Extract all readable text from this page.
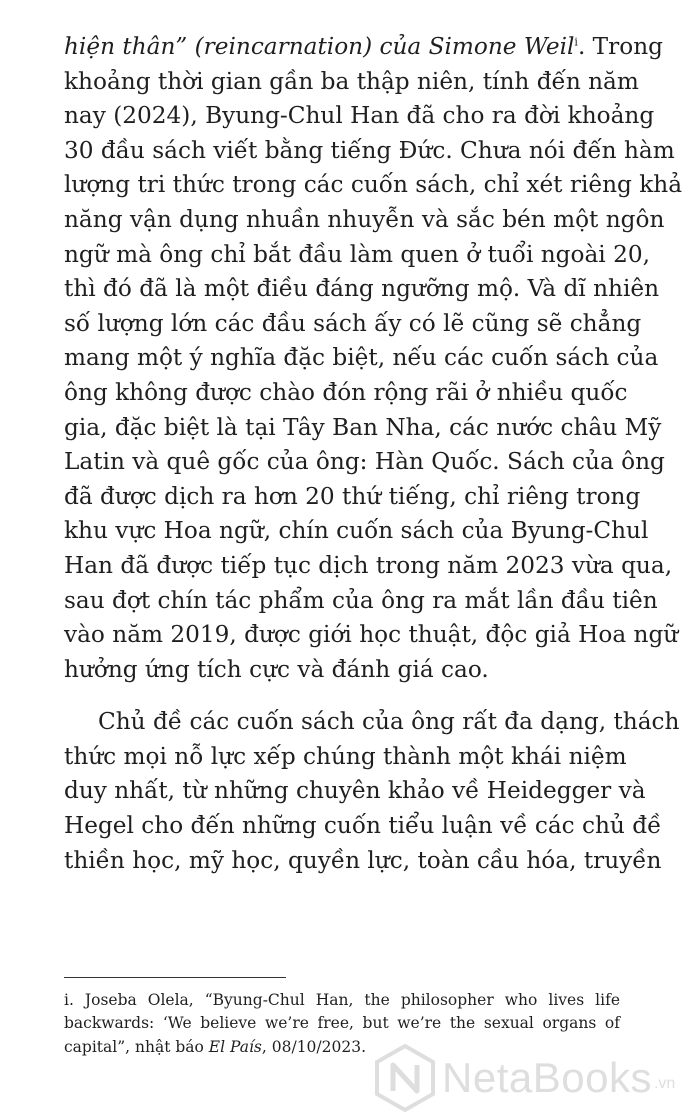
hiện thân” (reincarnation) của Simone Weil$^i$. Trong
khoảng thời gian gần ba thập niên, tính đến năm
nay (2024), Byung-Chul Han đã cho ra đời khoảng
30 đầu sách viết bằng tiếng Đức. Chưa nói đến hàm
lượng tri thức trong các cuốn sách, chỉ xét riêng khả
năng vận dụng nhuần nhuyễn và sắc bén một ngôn
ngữ mà ông chỉ bắt đầu làm quen ở tuổi ngoài 20,
thì đó đã là một điều đáng ngưỡng mộ. Và dĩ nhiên
số lượng lớn các đầu sách ấy có lẽ cũng sẽ chẳng
mang một ý nghĩa đặc biệt, nếu các cuốn sách của
ông không được chào đón rộng rãi ở nhiều quốc
gia, đặc biệt là tại Tây Ban Nha, các nước châu Mỹ
Latin và quê gốc của ông: Hàn Quốc. Sách của ông
đã được dịch ra hơn 20 thứ tiếng, chỉ riêng trong
khu vực Hoa ngữ, chín cuốn sách của Byung-Chul
Han đã được tiếp tục dịch trong năm 2023 vừa qua,
sau đợt chín tác phẩm của ông ra mắt lần đầu tiên
vào năm 2019, được giới học thuật, độc giả Hoa ngữ
hưởng ứng tích cực và đánh giá cao.

Chủ đề các cuốn sách của ông rất đa dạng, thách
thức mọi nỗ lực xếp chúng thành một khái niệm
duy nhất, từ những chuyên khảo về Heidegger và
Hegel cho đến những cuốn tiểu luận về các chủ đề
thiền học, mỹ học, quyền lực, toàn cầu hóa, truyền

i. Joseba Olela, “Byung-Chul Han, the philosopher who lives life backwards: ‘We believe we’re free, but we’re the sexual organs of capital”, nhật báo El País, 08/10/2023.

NetaBooks .vn
